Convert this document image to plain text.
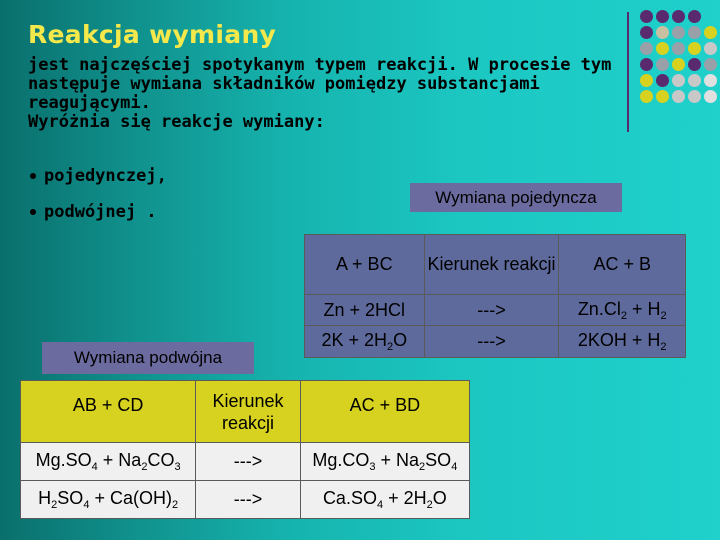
Reakcja wymiany
jest najczęściej spotykanym typem reakcji. W procesie tym
następuje wymiana składników pomiędzy substancjami
reagującymi.
Wyróżnia się reakcje wymiany:
pojedynczej,
podwójnej .
Wymiana pojedyncza
A + BC	Kierunek reakcji	AC + B
Zn + 2HCl	--->	$Zn.Cl_2 + H_2$
$2K + 2H_2O$	--->	$2KOH + H_2$
Wymiana podwójna
AB + CD	Kierunek reakcji	AC + BD
$Mg.SO_4 + Na_2CO_3$	--->	$Mg.CO_3 + Na_2SO_4$
$H_2SO_4 + Ca(OH)_2$	--->	$Ca.SO_4 + 2H_2O$
